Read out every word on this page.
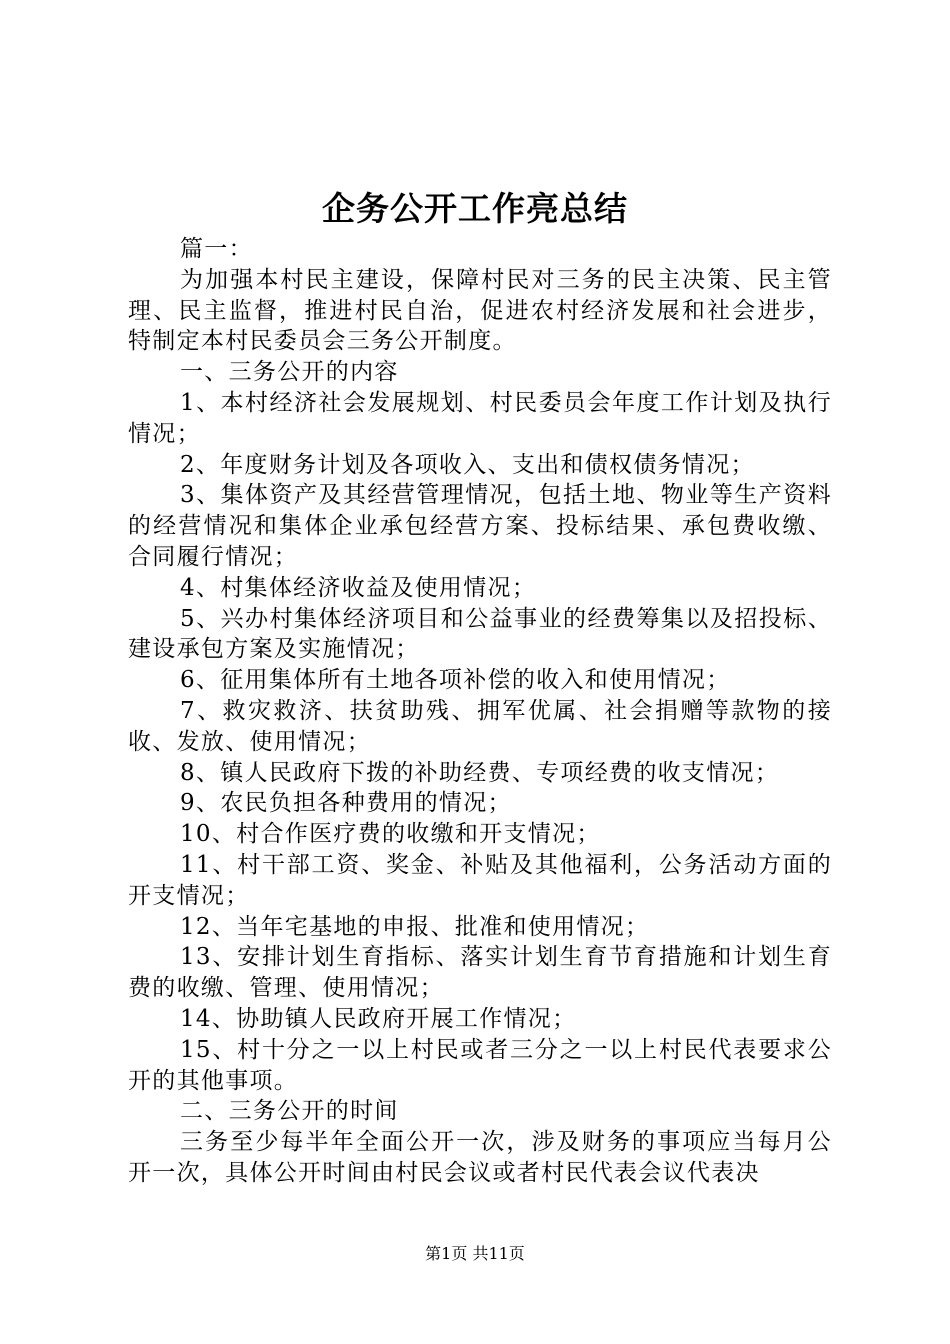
企务公开工作亮总结

篇一：

为加强本村民主建设，保障村民对三务的民主决策、民主管理、民主监督，推进村民自治，促进农村经济发展和社会进步，特制定本村民委员会三务公开制度。

一、三务公开的内容

1、本村经济社会发展规划、村民委员会年度工作计划及执行情况；

2、年度财务计划及各项收入、支出和债权债务情况；

3、集体资产及其经营管理情况，包括土地、物业等生产资料的经营情况和集体企业承包经营方案、投标结果、承包费收缴、合同履行情况；

4、村集体经济收益及使用情况；

5、兴办村集体经济项目和公益事业的经费筹集以及招投标、建设承包方案及实施情况；

6、征用集体所有土地各项补偿的收入和使用情况；

7、救灾救济、扶贫助残、拥军优属、社会捐赠等款物的接收、发放、使用情况；

8、镇人民政府下拨的补助经费、专项经费的收支情况；

9、农民负担各种费用的情况；

10、村合作医疗费的收缴和开支情况；

11、村干部工资、奖金、补贴及其他福利，公务活动方面的开支情况；

12、当年宅基地的申报、批准和使用情况；

13、安排计划生育指标、落实计划生育节育措施和计划生育费的收缴、管理、使用情况；

14、协助镇人民政府开展工作情况；

15、村十分之一以上村民或者三分之一以上村民代表要求公开的其他事项。

二、三务公开的时间

三务至少每半年全面公开一次，涉及财务的事项应当每月公开一次，具体公开时间由村民会议或者村民代表会议代表决

第1页 共11页
